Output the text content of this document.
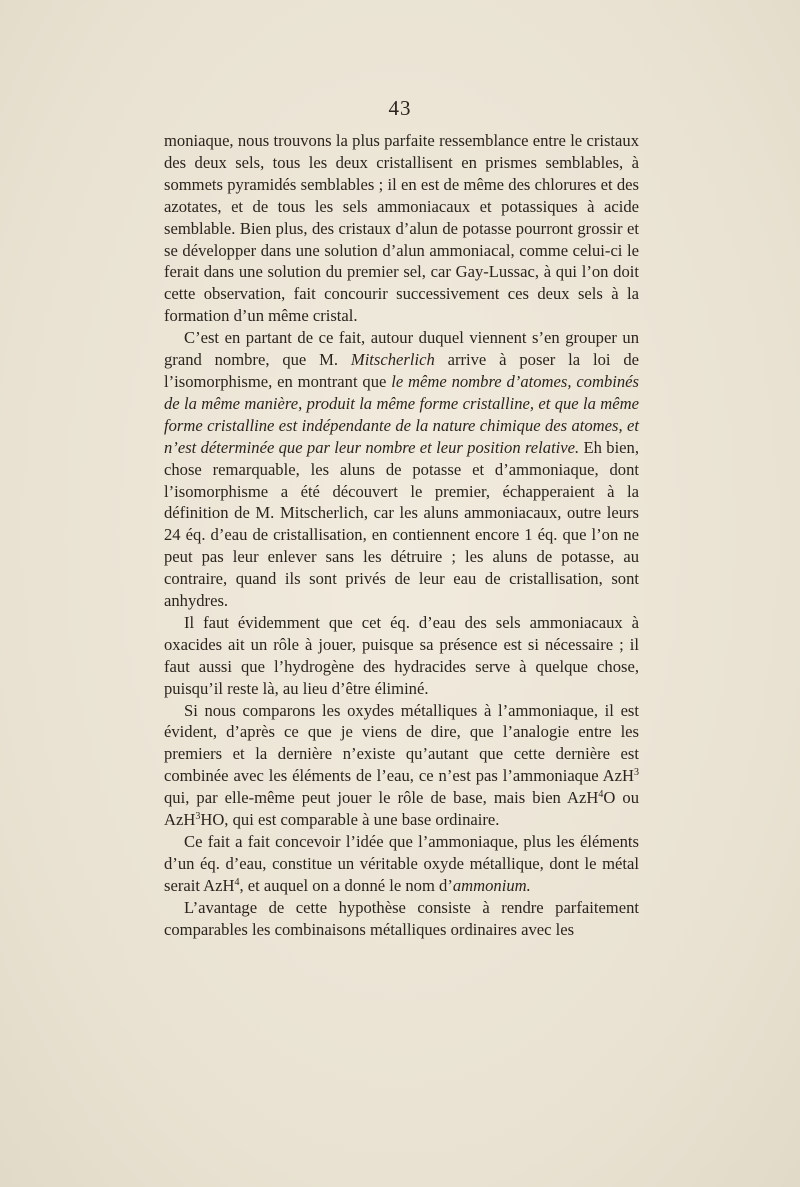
43

moniaque, nous trouvons la plus parfaite ressemblance entre le cristaux des deux sels, tous les deux cristallisent en prismes semblables, à sommets pyramidés semblables ; il en est de même des chlorures et des azotates, et de tous les sels ammoniacaux et potassiques à acide semblable. Bien plus, des cristaux d’alun de potasse pourront grossir et se développer dans une solution d’alun ammoniacal, comme celui-ci le ferait dans une solution du premier sel, car Gay-Lussac, à qui l’on doit cette observation, fait concourir successivement ces deux sels à la formation d’un même cristal.

C’est en partant de ce fait, autour duquel viennent s’en grouper un grand nombre, que M. Mitscherlich arrive à poser la loi de l’isomorphisme, en montrant que le même nombre d’atomes, combinés de la même manière, produit la même forme cristalline, et que la même forme cristalline est indépendante de la nature chimique des atomes, et n’est déterminée que par leur nombre et leur position relative. Eh bien, chose remarquable, les aluns de potasse et d’ammoniaque, dont l’isomorphisme a été découvert le premier, échapperaient à la définition de M. Mitscherlich, car les aluns ammoniacaux, outre leurs 24 éq. d’eau de cristallisation, en contiennent encore 1 éq. que l’on ne peut pas leur enlever sans les détruire ; les aluns de potasse, au contraire, quand ils sont privés de leur eau de cristallisation, sont anhydres.

Il faut évidemment que cet éq. d’eau des sels ammoniacaux à oxacides ait un rôle à jouer, puisque sa présence est si nécessaire ; il faut aussi que l’hydrogène des hydracides serve à quelque chose, puisqu’il reste là, au lieu d’être éliminé.

Si nous comparons les oxydes métalliques à l’ammoniaque, il est évident, d’après ce que je viens de dire, que l’analogie entre les premiers et la dernière n’existe qu’autant que cette dernière est combinée avec les éléments de l’eau, ce n’est pas l’ammoniaque AzH$^3$ qui, par elle-même peut jouer le rôle de base, mais bien AzH$^4$O ou AzH$^3$HO, qui est comparable à une base ordinaire.

Ce fait a fait concevoir l’idée que l’ammoniaque, plus les éléments d’un éq. d’eau, constitue un véritable oxyde métallique, dont le métal serait AzH$^4$, et auquel on a donné le nom d’ammonium.

L’avantage de cette hypothèse consiste à rendre parfaitement comparables les combinaisons métalliques ordinaires avec les
